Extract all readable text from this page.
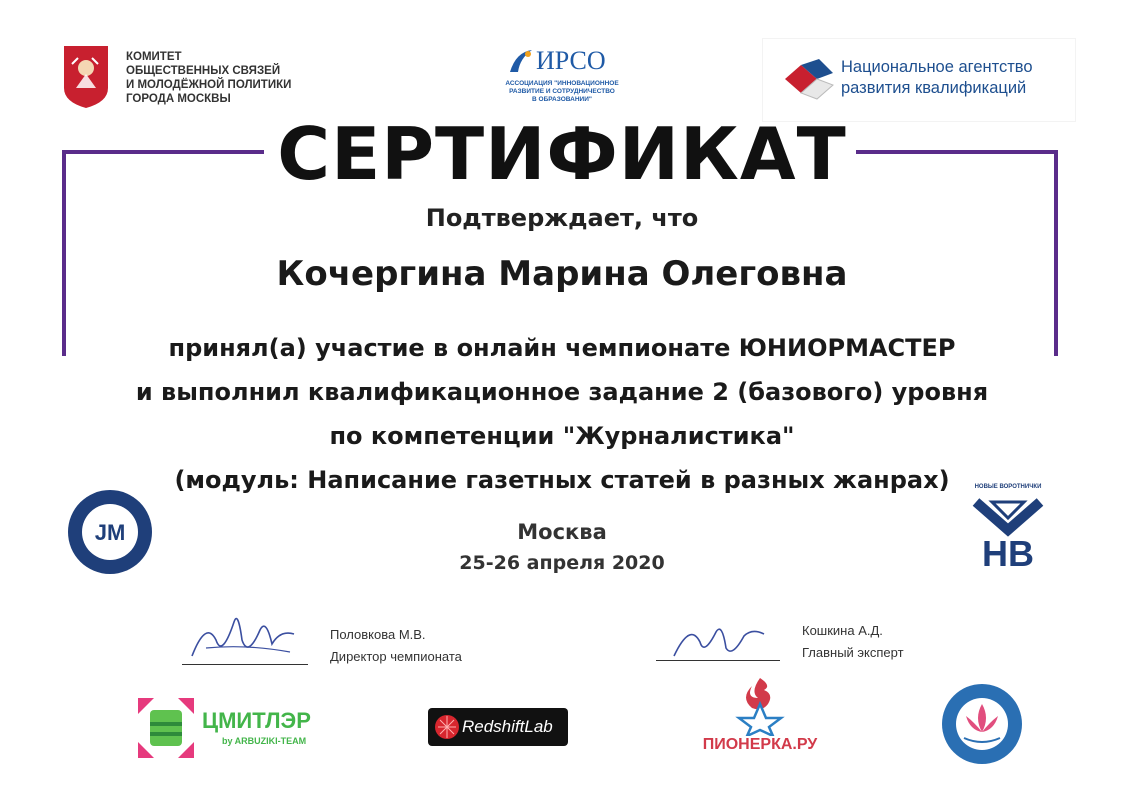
КОМИТЕТ
ОБЩЕСТВЕННЫХ СВЯЗЕЙ
И МОЛОДЁЖНОЙ ПОЛИТИКИ
ГОРОДА МОСКВЫ
ИРСО
АССОЦИАЦИЯ "ИННОВАЦИОННОЕ
РАЗВИТИЕ И СОТРУДНИЧЕСТВО
В ОБРАЗОВАНИИ"
Национальное агентство
развития квалификаций
СЕРТИФИКАТ
Подтверждает, что
Кочергина Марина Олеговна
принял(а) участие в онлайн чемпионате ЮНИОРМАСТЕР
и выполнил квалификационное задание 2 (базового) уровня
по компетенции "Журналистика"
(модуль: Написание газетных статей в разных жанрах)
Москва
25-26 апреля 2020
JM
НВ
НОВЫЕ ВОРОТНИЧКИ
Половкова М.В.
Директор чемпионата
Кошкина А.Д.
Главный эксперт
ЦМИТЛЭР
by ARBUZIKI-TEAM
RedshiftLab
ПИОНЕРКА.РУ
